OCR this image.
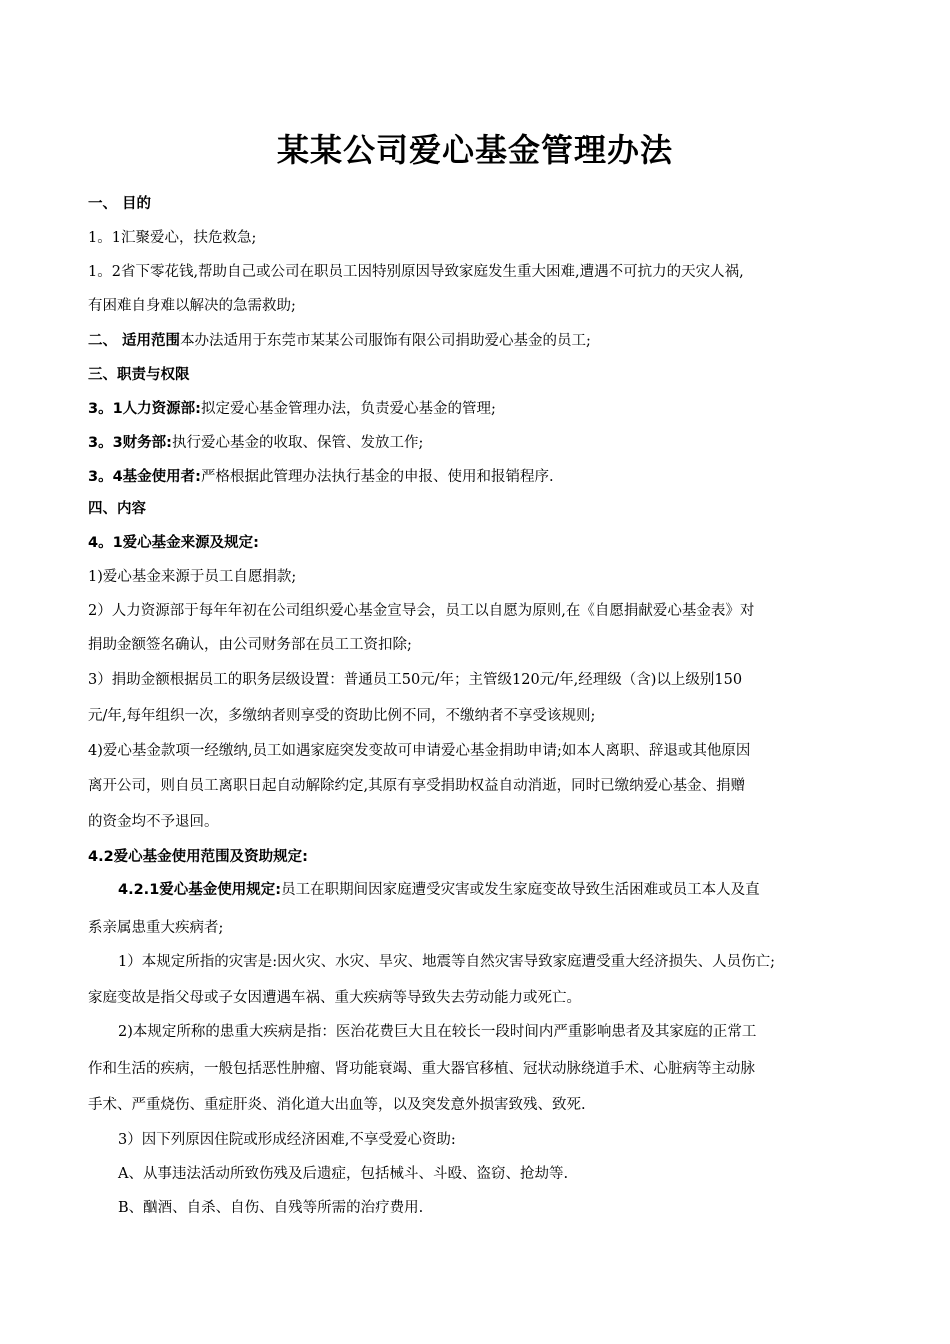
某某公司爱心基金管理办法
一、 目的
1。1汇聚爱心，扶危救急;
1。2省下零花钱,帮助自己或公司在职员工因特别原因导致家庭发生重大困难,遭遇不可抗力的天灾人祸,
有困难自身难以解决的急需救助;
二、 适用范围本办法适用于东莞市某某公司服饰有限公司捐助爱心基金的员工;
三、职责与权限
3。1人力资源部:拟定爱心基金管理办法，负责爱心基金的管理;
3。3财务部:执行爱心基金的收取、保管、发放工作;
3。4基金使用者:严格根据此管理办法执行基金的申报、使用和报销程序.
四、内容
4。1爱心基金来源及规定:
1)爱心基金来源于员工自愿捐款;
2）人力资源部于每年年初在公司组织爱心基金宣导会，员工以自愿为原则,在《自愿捐献爱心基金表》对
捐助金额签名确认，由公司财务部在员工工资扣除;
3）捐助金额根据员工的职务层级设置：普通员工50元/年；主管级120元/年,经理级（含)以上级别150
元/年,每年组织一次，多缴纳者则享受的资助比例不同，不缴纳者不享受该规则;
4)爱心基金款项一经缴纳,员工如遇家庭突发变故可申请爱心基金捐助申请;如本人离职、辞退或其他原因
离开公司，则自员工离职日起自动解除约定,其原有享受捐助权益自动消逝，同时已缴纳爱心基金、捐赠
的资金均不予退回。
4.2爱心基金使用范围及资助规定:
4.2.1爱心基金使用规定:员工在职期间因家庭遭受灾害或发生家庭变故导致生活困难或员工本人及直
系亲属患重大疾病者;
1）本规定所指的灾害是:因火灾、水灾、旱灾、地震等自然灾害导致家庭遭受重大经济损失、人员伤亡;
家庭变故是指父母或子女因遭遇车祸、重大疾病等导致失去劳动能力或死亡。
2)本规定所称的患重大疾病是指：医治花费巨大且在较长一段时间内严重影响患者及其家庭的正常工
作和生活的疾病，一般包括恶性肿瘤、肾功能衰竭、重大器官移植、冠状动脉绕道手术、心脏病等主动脉
手术、严重烧伤、重症肝炎、消化道大出血等，以及突发意外损害致残、致死.
3）因下列原因住院或形成经济困难,不享受爱心资助:
A、从事违法活动所致伤残及后遗症，包括械斗、斗殴、盗窃、抢劫等.
B、酗酒、自杀、自伤、自残等所需的治疗费用.
